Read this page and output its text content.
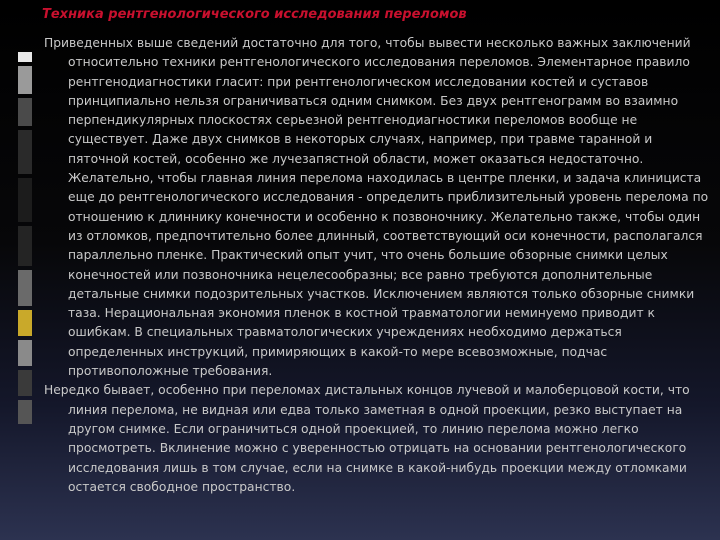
Техника рентгенологического исследования переломов

Приведенных выше сведений достаточно для того, чтобы вывести несколько важных заключений относительно техники рентгенологического исследования переломов. Элементарное правило рентгенодиагностики гласит: при рентгенологическом исследовании костей и суставов принципиально нельзя ограничиваться одним снимком. Без двух рентгенограмм во взаимно перпендикулярных плоскостях серьезной рентгенодиагностики переломов вообще не существует. Даже двух снимков в некоторых случаях, например, при травме таранной и пяточной костей, особенно же лучезапястной области, может оказаться недостаточно. Желательно, чтобы главная линия перелома находилась в центре пленки, и задача клинициста еще до рентгенологического исследования - определить приблизительный уровень перелома по отношению к длиннику конечности и особенно к позвоночнику. Желательно также, чтобы один из отломков, предпочтительно более длинный, соответствующий оси конечности, располагался параллельно пленке. Практический опыт учит, что очень большие обзорные снимки целых конечностей или позвоночника нецелесообразны; все равно требуются дополнительные детальные снимки подозрительных участков. Исключением являются только обзорные снимки таза. Нерациональная экономия пленок в костной травматологии неминуемо приводит к ошибкам. В специальных травматологических учреждениях необходимо держаться определенных инструкций, примиряющих в какой-то мере всевозможные, подчас противоположные требования.

Нередко бывает, особенно при переломах дистальных концов лучевой и малоберцовой кости, что линия перелома, не видная или едва только заметная в одной проекции, резко выступает на другом снимке. Если ограничиться одной проекцией, то линию перелома можно легко просмотреть. Вклинение можно с уверенностью отрицать на основании рентгенологического исследования лишь в том случае, если на снимке в какой-нибудь проекции между отломками остается свободное пространство.
